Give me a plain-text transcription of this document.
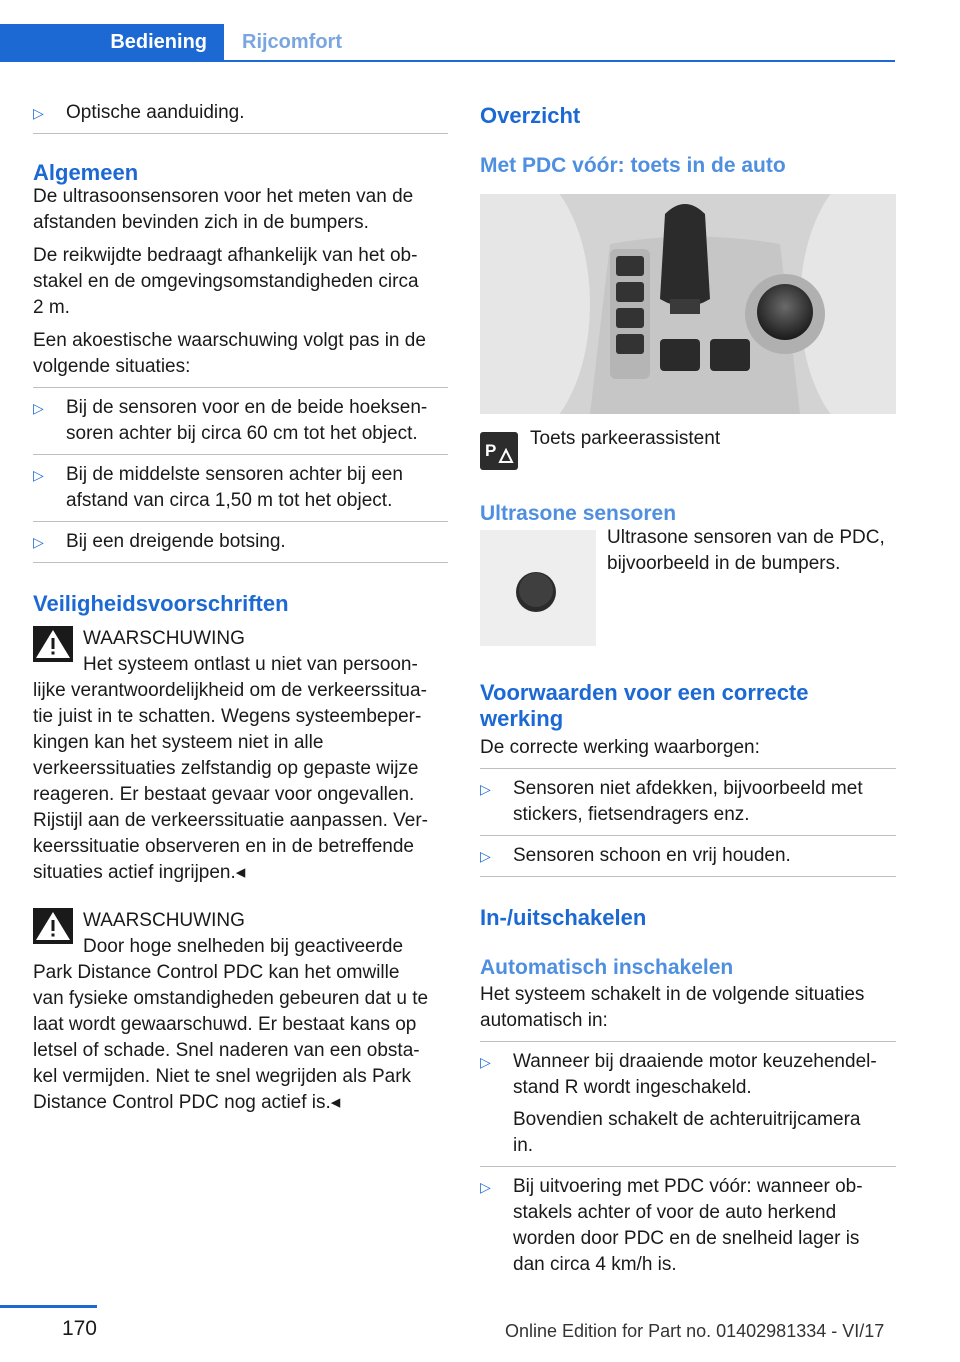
Bediening	Rijcomfort
▷ Optische aanduiding.

Algemeen

De ultrasoonsensoren voor het meten van de afstanden bevinden zich in de bumpers.

De reikwijdte bedraagt afhankelijk van het ob-
stakel en de omgevingsomstandigheden circa
2 m.

Een akoestische waarschuwing volgt pas in de
volgende situaties:

▷ Bij de sensoren voor en de beide hoeksen-
soren achter bij circa 60 cm tot het object.
▷ Bij de middelste sensoren achter bij een
afstand van circa 1,50 m tot het object.
▷ Bij een dreigende botsing.

Veiligheidsvoorschriften

WAARSCHUWING

Het systeem ontlast u niet van persoon-

lijke verantwoordelijkheid om de verkeerssitua-
tie juist in te schatten. Wegens systeembeper-
kingen kan het systeem niet in alle
verkeerssituaties zelfstandig op gepaste wijze
reageren. Er bestaat gevaar voor ongevallen.
Rijstijl aan de verkeerssituatie aanpassen. Ver-
keerssituatie observeren en in de betreffende
situaties actief ingrijpen.◂

WAARSCHUWING

Door hoge snelheden bij geactiveerde

Park Distance Control PDC kan het omwille
van fysieke omstandigheden gebeuren dat u te
laat wordt gewaarschuwd. Er bestaat kans op
letsel of schade. Snel naderen van een obsta-
kel vermijden. Niet te snel wegrijden als Park
Distance Control PDC nog actief is.◂

Overzicht

Met PDC vóór: toets in de auto

P

Toets parkeerassistent

Ultrasone sensoren

Ultrasone sensoren van de PDC,
bijvoorbeeld in de bumpers.

Voorwaarden voor een correcte
werking

De correcte werking waarborgen:

▷ Sensoren niet afdekken, bijvoorbeeld met
stickers, fietsendragers enz.
▷ Sensoren schoon en vrij houden.

In-/uitschakelen

Automatisch inschakelen

Het systeem schakelt in de volgende situaties
automatisch in:

▷ Wanneer bij draaiende motor keuzehendel-
stand R wordt ingeschakeld.

Bovendien schakelt de achteruitrijcamera
in.

▷ Bij uitvoering met PDC vóór: wanneer ob-
stakels achter of voor de auto herkend
worden door PDC en de snelheid lager is
dan circa 4 km/h is.
170	Online Edition for Part no. 01402981334 - VI/17
